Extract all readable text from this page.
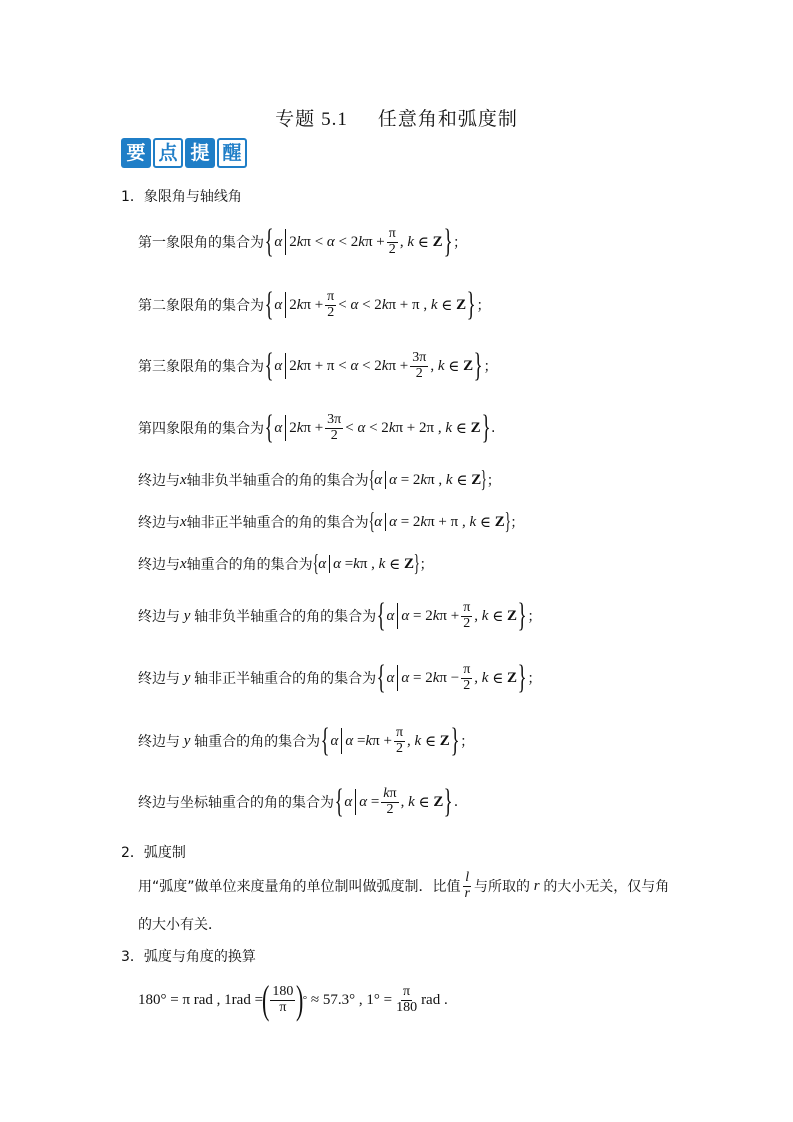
专题 5.1 任意角和弧度制
要 点 提 醒
1．象限角与轴线角
第一象限角的集合为 { α 2 k π < α < 2 k $\pi + \frac{\pi}{2}$ , k ∈ Z } ；
第二象限角的集合为 { α 2 k $\pi + \frac{\pi}{2} < \alpha < 2$ k π + π , k ∈ Z } ；
第三象限角的集合为 { α 2 k π + π < α < 2 k $\pi + \frac{3\pi}{2}$ , k ∈ Z } ；
第四象限角的集合为 { α 2 k $\pi + \frac{3\pi}{2} < \alpha < 2$ k π + 2π , k ∈ Z } .
终边与 x 轴非负半轴重合的角的集合为 { α α = 2 k π , k ∈ Z } ；
终边与 x 轴非正半轴重合的角的集合为 { α α = 2 k π + π , k ∈ Z } ；
终边与 x 轴重合的角的集合为 { α α = k π , k ∈ Z } ；
终边与 y 轴非负半轴重合的角的集合为 { α α = 2 k $\pi + \frac{\pi}{2}$ , k ∈ Z } ；
终边与 y 轴非正半轴重合的角的集合为 { α α = 2 k $\pi - \frac{\pi}{2}$ , k ∈ Z } ；
终边与 y 轴重合的角的集合为 { α α = k $\pi + \frac{\pi}{2}$ , k ∈ Z } ；
终边与坐标轴重合的角的集合为 { α $\alpha = \frac{k\pi}{2}$ , k ∈ Z } .
2．弧度制
用“弧度”做单位来度量角的单位制叫做弧度制．比值 $\frac{l}{r}$ 与所取的 r 的大小无关，仅与角
的大小有关．
3．弧度与角度的换算
180° = π rad , 1rad =
( $\frac{180}{\pi}$ )
° ≈ 57.3° , $1^\circ = \frac{\pi}{180}$ rad .
